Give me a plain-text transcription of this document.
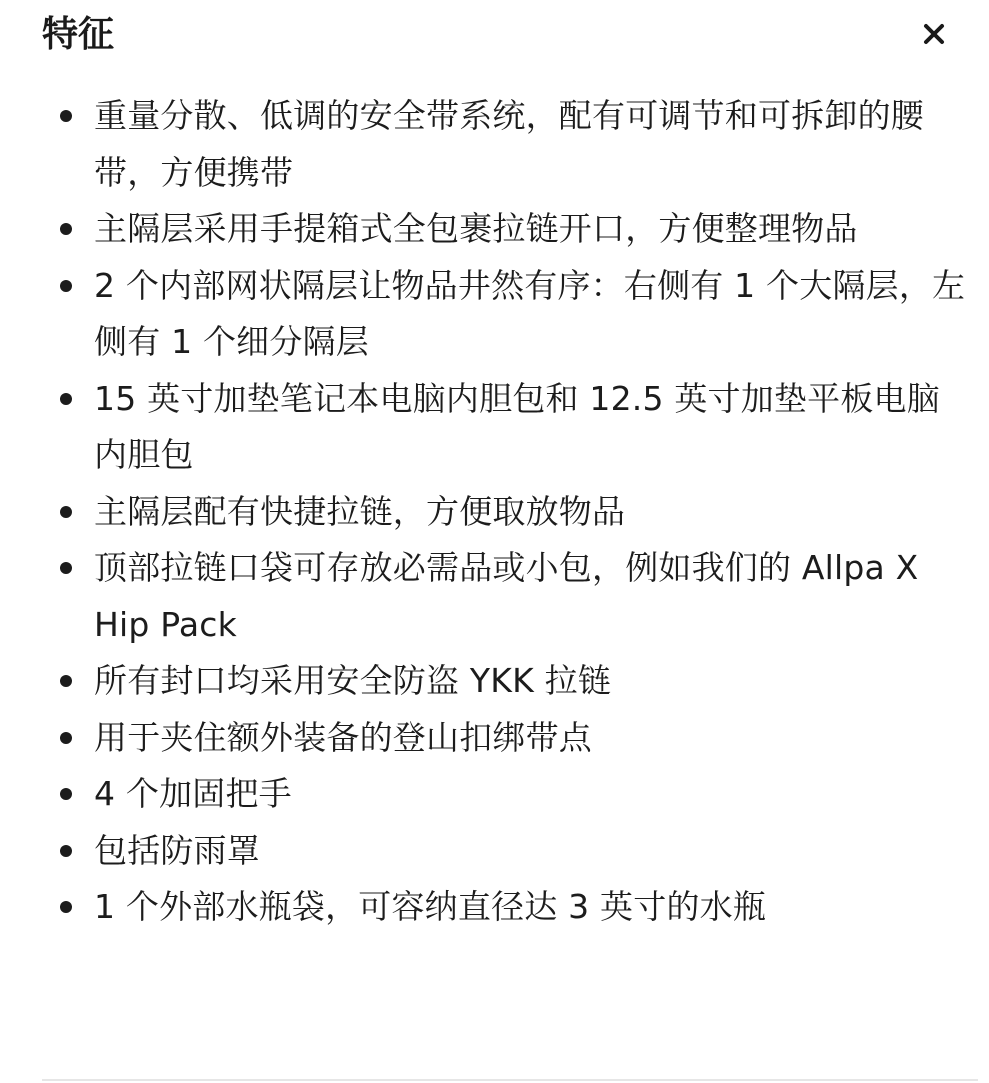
特征
重量分散、低调的安全带系统，配有可调节和可拆卸的腰带，方便携带
主隔层采用手提箱式全包裹拉链开口，方便整理物品
2 个内部网状隔层让物品井然有序：右侧有 1 个大隔层，左侧有 1 个细分隔层
15 英寸加垫笔记本电脑内胆包和 12.5 英寸加垫平板电脑内胆包
主隔层配有快捷拉链，方便取放物品
顶部拉链口袋可存放必需品或小包，例如我们的 Allpa X Hip Pack
所有封口均采用安全防盗 YKK 拉链
用于夹住额外装备的登山扣绑带点
4 个加固把手
包括防雨罩
1 个外部水瓶袋，可容纳直径达 3 英寸的水瓶
